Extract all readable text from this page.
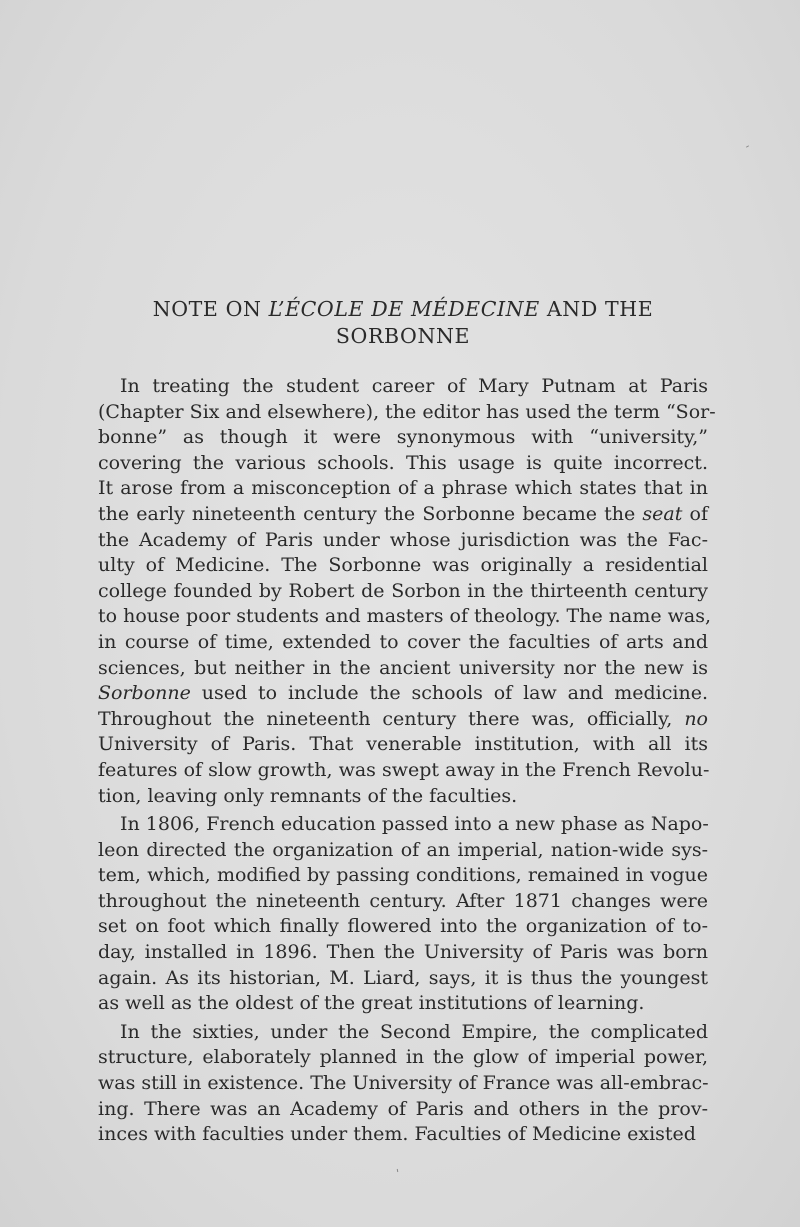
NOTE ON L’ÉCOLE DE MÉDECINE AND THE
SORBONNE
In treating the student career of Mary Putnam at Paris
(Chapter Six and elsewhere), the editor has used the term “Sor-
bonne” as though it were synonymous with “university,”
covering the various schools. This usage is quite incorrect.
It arose from a misconception of a phrase which states that in
the early nineteenth century the Sorbonne became the seat of
the Academy of Paris under whose jurisdiction was the Fac-
ulty of Medicine. The Sorbonne was originally a residential
college founded by Robert de Sorbon in the thirteenth century
to house poor students and masters of theology. The name was,
in course of time, extended to cover the faculties of arts and
sciences, but neither in the ancient university nor the new is
Sorbonne used to include the schools of law and medicine.
Throughout the nineteenth century there was, officially, no
University of Paris. That venerable institution, with all its
features of slow growth, was swept away in the French Revolu-
tion, leaving only remnants of the faculties.
In 1806, French education passed into a new phase as Napo-
leon directed the organization of an imperial, nation-wide sys-
tem, which, modified by passing conditions, remained in vogue
throughout the nineteenth century. After 1871 changes were
set on foot which finally flowered into the organization of to-
day, installed in 1896. Then the University of Paris was born
again. As its historian, M. Liard, says, it is thus the youngest
as well as the oldest of the great institutions of learning.
In the sixties, under the Second Empire, the complicated
structure, elaborately planned in the glow of imperial power,
was still in existence. The University of France was all-embrac-
ing. There was an Academy of Paris and others in the prov-
inces with faculties under them. Faculties of Medicine existed
